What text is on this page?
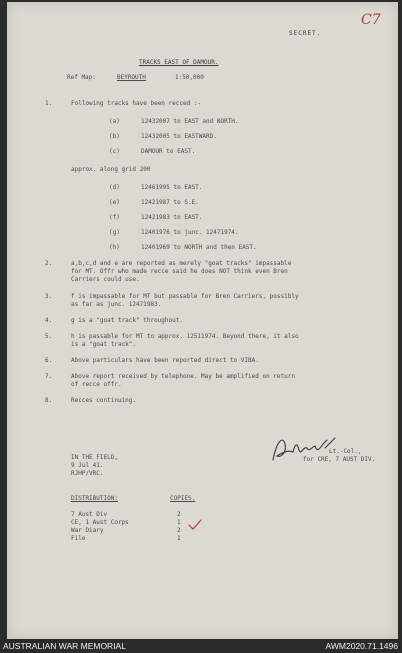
C7
SECRET.
TRACKS EAST OF DAMOUR.
Ref Map:	BEYROUTH	1:50,000
1.	Following tracks have been recced :-
(a)	12432007 to EAST and NORTH.
(b)	12432005 to EASTWARD.
(c)	DAMOUR to EAST.
approx. along grid 200
(d)	12461995 to EAST.
(e)	12421987 to S.E.
(f)	12421983 to EAST.
(g)	12401976 to junc. 12471974.
(h)	12401969 to NORTH and then EAST.
2.	a,b,c,d and e are reported as merely "goat tracks" impassable
for MT. Offr who made recce said he does NOT think even Bren
Carriers could use.
3.	f is impassable for MT but passable for Bren Carriers, possibly
as far as junc. 12471983.
4.	g is a "goat track" throughout.
5.	h is passable for MT to approx. 12511974. Beyond there, it also
is a "goat track".
6.	Above particulars have been reported direct to VIBA.
7.	Above report received by telephone. May be amplified on return
of recce offr.
8.	Recces continuing.
Lt.-Col.,
for CRE, 7 AUST DIV.
IN THE FIELD,
9 Jul 41.
RJHP/VRC.
DISTRIBUTION:	COPIES.
7 Aust Div	2
CE, 1 Aust Corps	1
War Diary	2
File	1
AUSTRALIAN WAR MEMORIAL	AWM2020.71.1496
